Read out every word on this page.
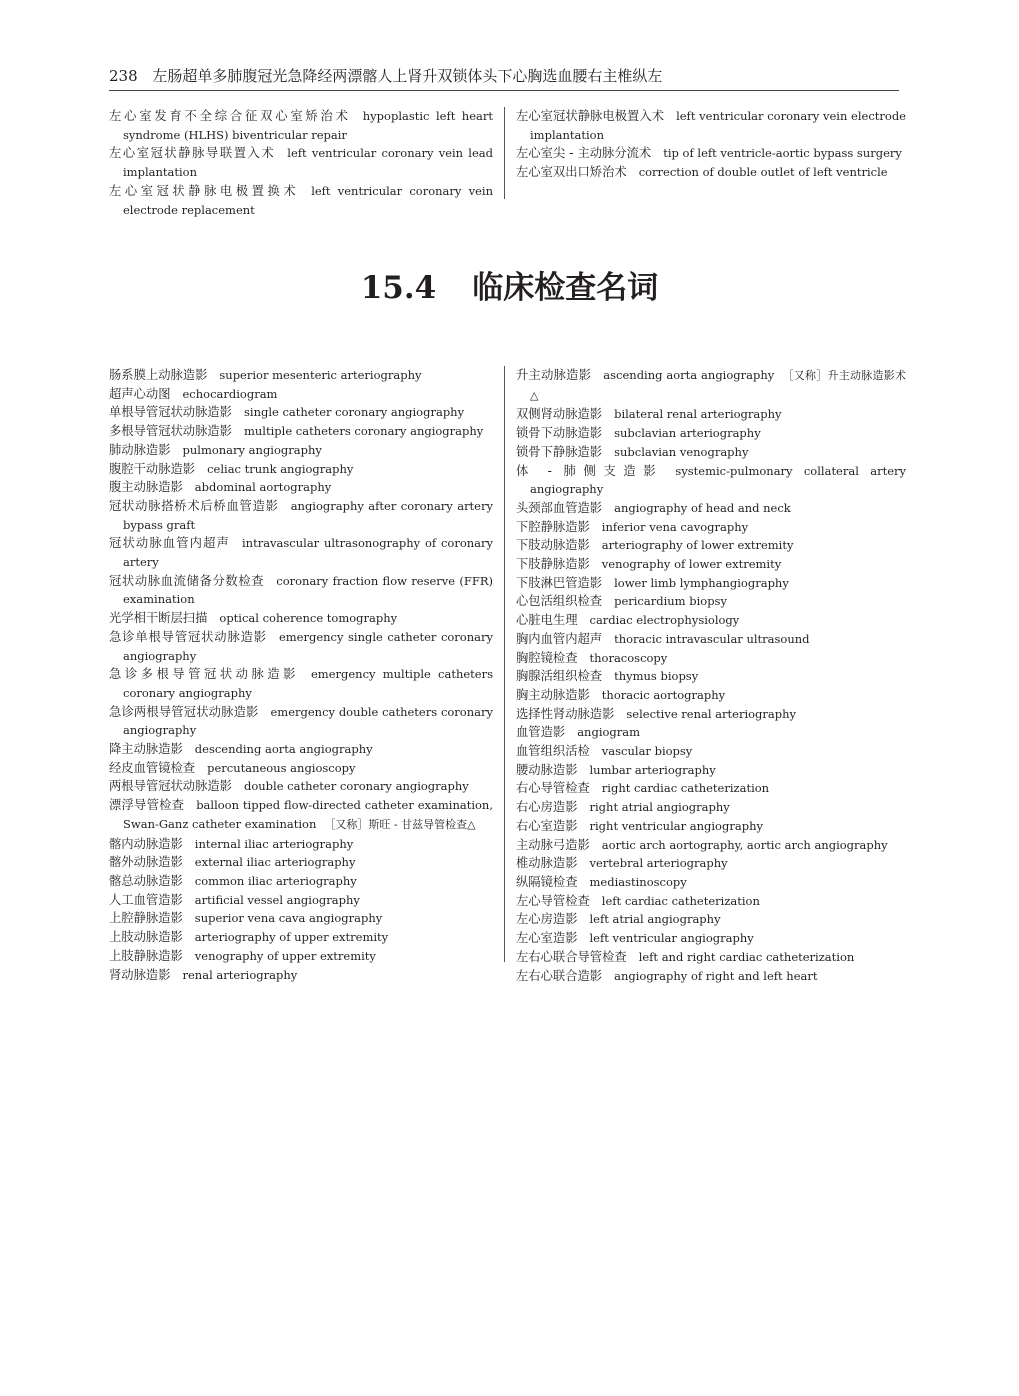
238 左肠超单多肺腹冠光急降经两漂髂人上肾升双锁体头下心胸选血腰右主椎纵左

左心室发育不全综合征双心室矫治术 hypoplastic left heart syndrome (HLHS) biventricular repair

左心室冠状静脉导联置入术 left ventricular coronary vein lead implantation

左心室冠状静脉电极置换术 left ventricular coronary vein electrode replacement

左心室冠状静脉电极置入术 left ventricular coronary vein electrode implantation

左心室尖 - 主动脉分流术 tip of left ventricle-aortic bypass surgery

左心室双出口矫治术 correction of double outlet of left ventricle

15.4 临床检查名词

肠系膜上动脉造影 superior mesenteric arteriography

超声心动图 echocardiogram

单根导管冠状动脉造影 single catheter coronary angiography

多根导管冠状动脉造影 multiple catheters coronary angiography

肺动脉造影 pulmonary angiography

腹腔干动脉造影 celiac trunk angiography

腹主动脉造影 abdominal aortography

冠状动脉搭桥术后桥血管造影 angiography after coronary artery bypass graft

冠状动脉血管内超声 intravascular ultrasonography of coronary artery

冠状动脉血流储备分数检查 coronary fraction flow reserve (FFR) examination

光学相干断层扫描 optical coherence tomography

急诊单根导管冠状动脉造影 emergency single catheter coronary angiography

急诊多根导管冠状动脉造影 emergency multiple catheters coronary angiography

急诊两根导管冠状动脉造影 emergency double catheters coronary angiography

降主动脉造影 descending aorta angiography

经皮血管镜检查 percutaneous angioscopy

两根导管冠状动脉造影 double catheter coronary angiography

漂浮导管检查 balloon tipped flow-directed catheter examination, Swan-Ganz catheter examination ［又称］斯旺 - 甘兹导管检查△

髂内动脉造影 internal iliac arteriography

髂外动脉造影 external iliac arteriography

髂总动脉造影 common iliac arteriography

人工血管造影 artificial vessel angiography

上腔静脉造影 superior vena cava angiography

上肢动脉造影 arteriography of upper extremity

上肢静脉造影 venography of upper extremity

肾动脉造影 renal arteriography

升主动脉造影 ascending aorta angiography ［又称］升主动脉造影术△

双侧肾动脉造影 bilateral renal arteriography

锁骨下动脉造影 subclavian arteriography

锁骨下静脉造影 subclavian venography

体 - 肺侧支造影 systemic-pulmonary collateral artery angiography

头颈部血管造影 angiography of head and neck

下腔静脉造影 inferior vena cavography

下肢动脉造影 arteriography of lower extremity

下肢静脉造影 venography of lower extremity

下肢淋巴管造影 lower limb lymphangiography

心包活组织检查 pericardium biopsy

心脏电生理 cardiac electrophysiology

胸内血管内超声 thoracic intravascular ultrasound

胸腔镜检查 thoracoscopy

胸腺活组织检查 thymus biopsy

胸主动脉造影 thoracic aortography

选择性肾动脉造影 selective renal arteriography

血管造影 angiogram

血管组织活检 vascular biopsy

腰动脉造影 lumbar arteriography

右心导管检查 right cardiac catheterization

右心房造影 right atrial angiography

右心室造影 right ventricular angiography

主动脉弓造影 aortic arch aortography, aortic arch angiography

椎动脉造影 vertebral arteriography

纵隔镜检查 mediastinoscopy

左心导管检查 left cardiac catheterization

左心房造影 left atrial angiography

左心室造影 left ventricular angiography

左右心联合导管检查 left and right cardiac catheterization

左右心联合造影 angiography of right and left heart
